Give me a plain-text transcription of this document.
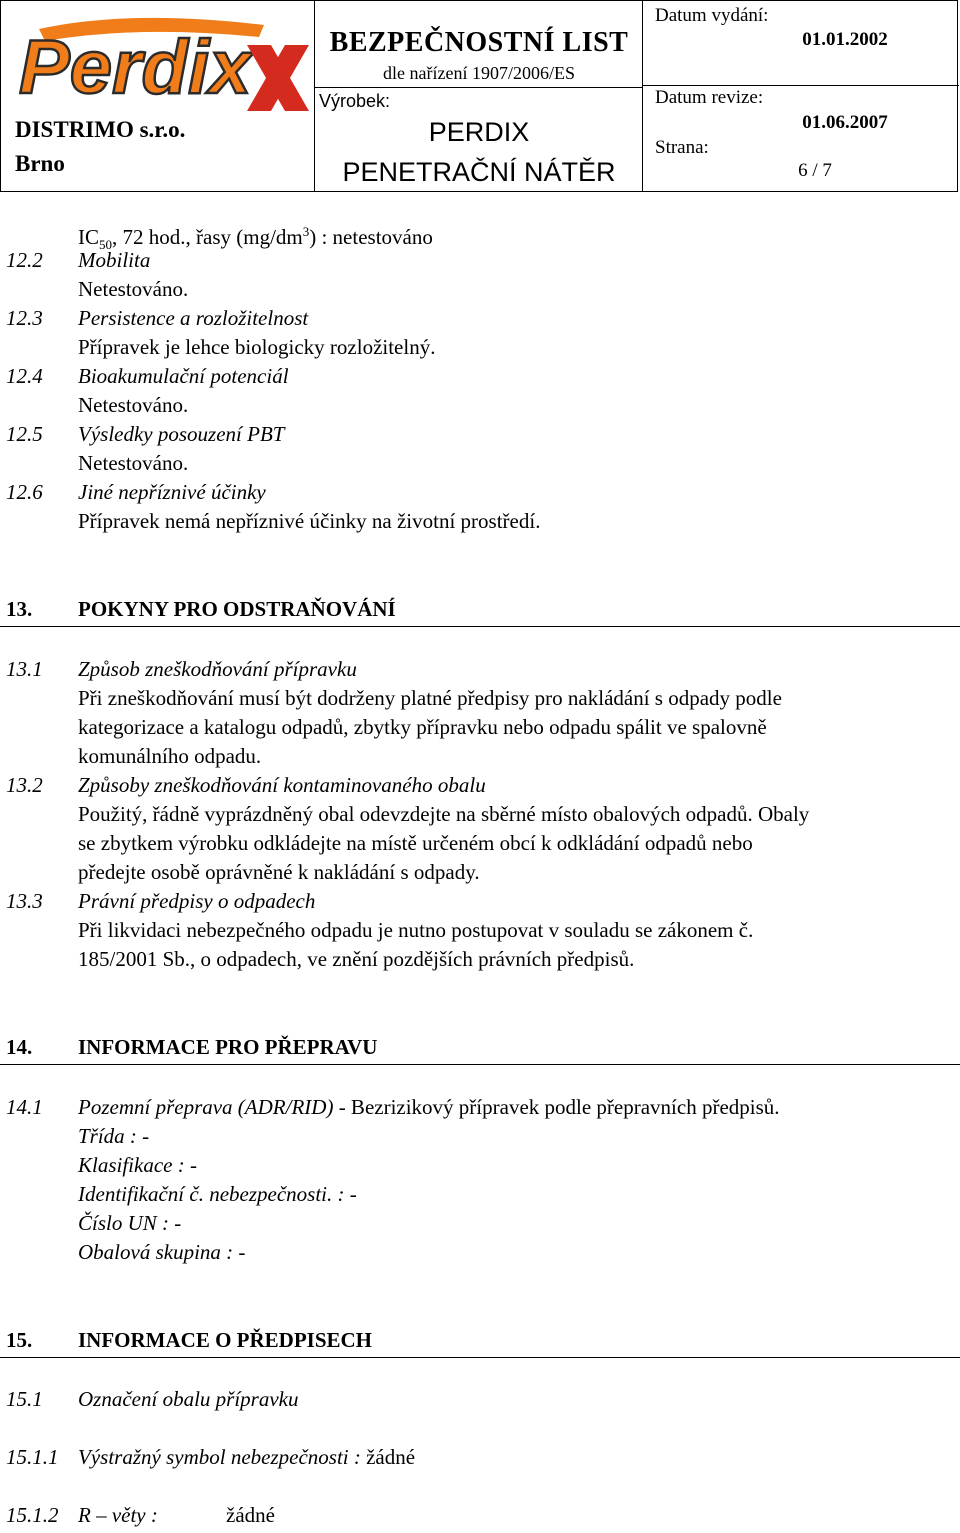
Perdix
DISTRIMO s.r.o.
Brno
BEZPEČNOSTNÍ LIST
dle nařízení 1907/2006/ES
Výrobek:
PERDIX
PENETRAČNÍ NÁTĚR
Datum vydání:
01.01.2002
Datum revize:
01.06.2007
Strana:
6 / 7
$IC_{50}$, 72 hod., řasy $(mg/dm^3)$ : netestováno
12.2 Mobilita
Netestováno.
12.3 Persistence a rozložitelnost
Přípravek je lehce biologicky rozložitelný.
12.4 Bioakumulační potenciál
Netestováno.
12.5 Výsledky posouzení PBT
Netestováno.
12.6 Jiné nepříznivé účinky
Přípravek nemá nepříznivé účinky na životní prostředí.
13. POKYNY PRO ODSTRAŇOVÁNÍ
13.1 Způsob zneškodňování přípravku
Při zneškodňování musí být dodrženy platné předpisy pro nakládání s odpady podle
kategorizace a katalogu odpadů, zbytky přípravku nebo odpadu spálit ve spalovně
komunálního odpadu.
13.2 Způsoby zneškodňování kontaminovaného obalu
Použitý, řádně vyprázdněný obal odevzdejte na sběrné místo obalových odpadů. Obaly
se zbytkem výrobku odkládejte na místě určeném obcí k odkládání odpadů nebo
předejte osobě oprávněné k nakládání s odpady.
13.3 Právní předpisy o odpadech
Při likvidaci nebezpečného odpadu je nutno postupovat v souladu se zákonem č.
185/2001 Sb., o odpadech, ve znění pozdějších právních předpisů.
14. INFORMACE PRO PŘEPRAVU
14.1 Pozemní přeprava (ADR/RID) - Bezrizikový přípravek podle přepravních předpisů.
Třída : -
Klasifikace : -
Identifikační č. nebezpečnosti. : -
Číslo UN : -
Obalová skupina : -
15. INFORMACE O PŘEDPISECH
15.1 Označení obalu přípravku
15.1.1 Výstražný symbol nebezpečnosti : žádné
15.1.2 R – věty :	žádné
